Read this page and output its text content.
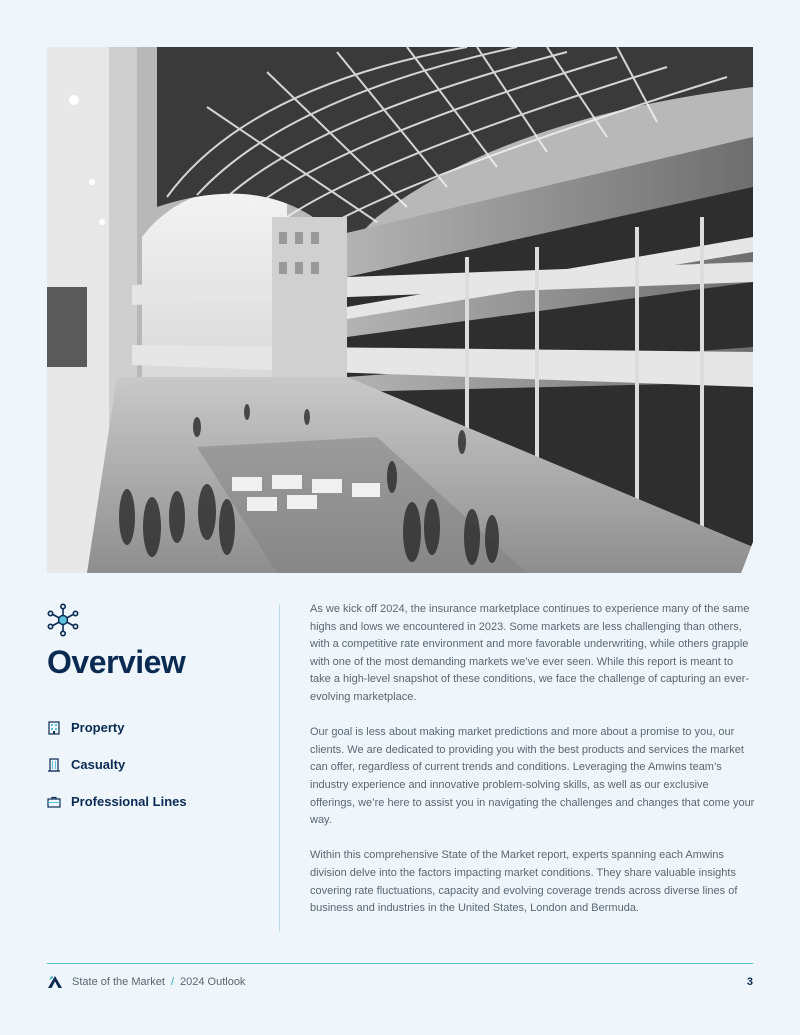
Overview
Property
Casualty
Professional Lines

As we kick off 2024, the insurance marketplace continues to experience many of the same highs and lows we encountered in 2023. Some markets are less challenging than others, with a competitive rate environment and more favorable underwriting, while others grapple with one of the most demanding markets we’ve ever seen. While this report is meant to take a high-level snapshot of these conditions, we face the challenge of capturing an ever-evolving marketplace.

Our goal is less about making market predictions and more about a promise to you, our clients. We are dedicated to providing you with the best products and services the market can offer, regardless of current trends and conditions. Leveraging the Amwins team’s industry experience and innovative problem-solving skills, as well as our exclusive offerings, we’re here to assist you in navigating the challenges and changes that come your way.

Within this comprehensive State of the Market report, experts spanning each Amwins division delve into the factors impacting market conditions. They share valuable insights covering rate fluctuations, capacity and evolving coverage trends across diverse lines of business and industries in the United States, London and Bermuda.

State of the Market / 2024 Outlook	3
